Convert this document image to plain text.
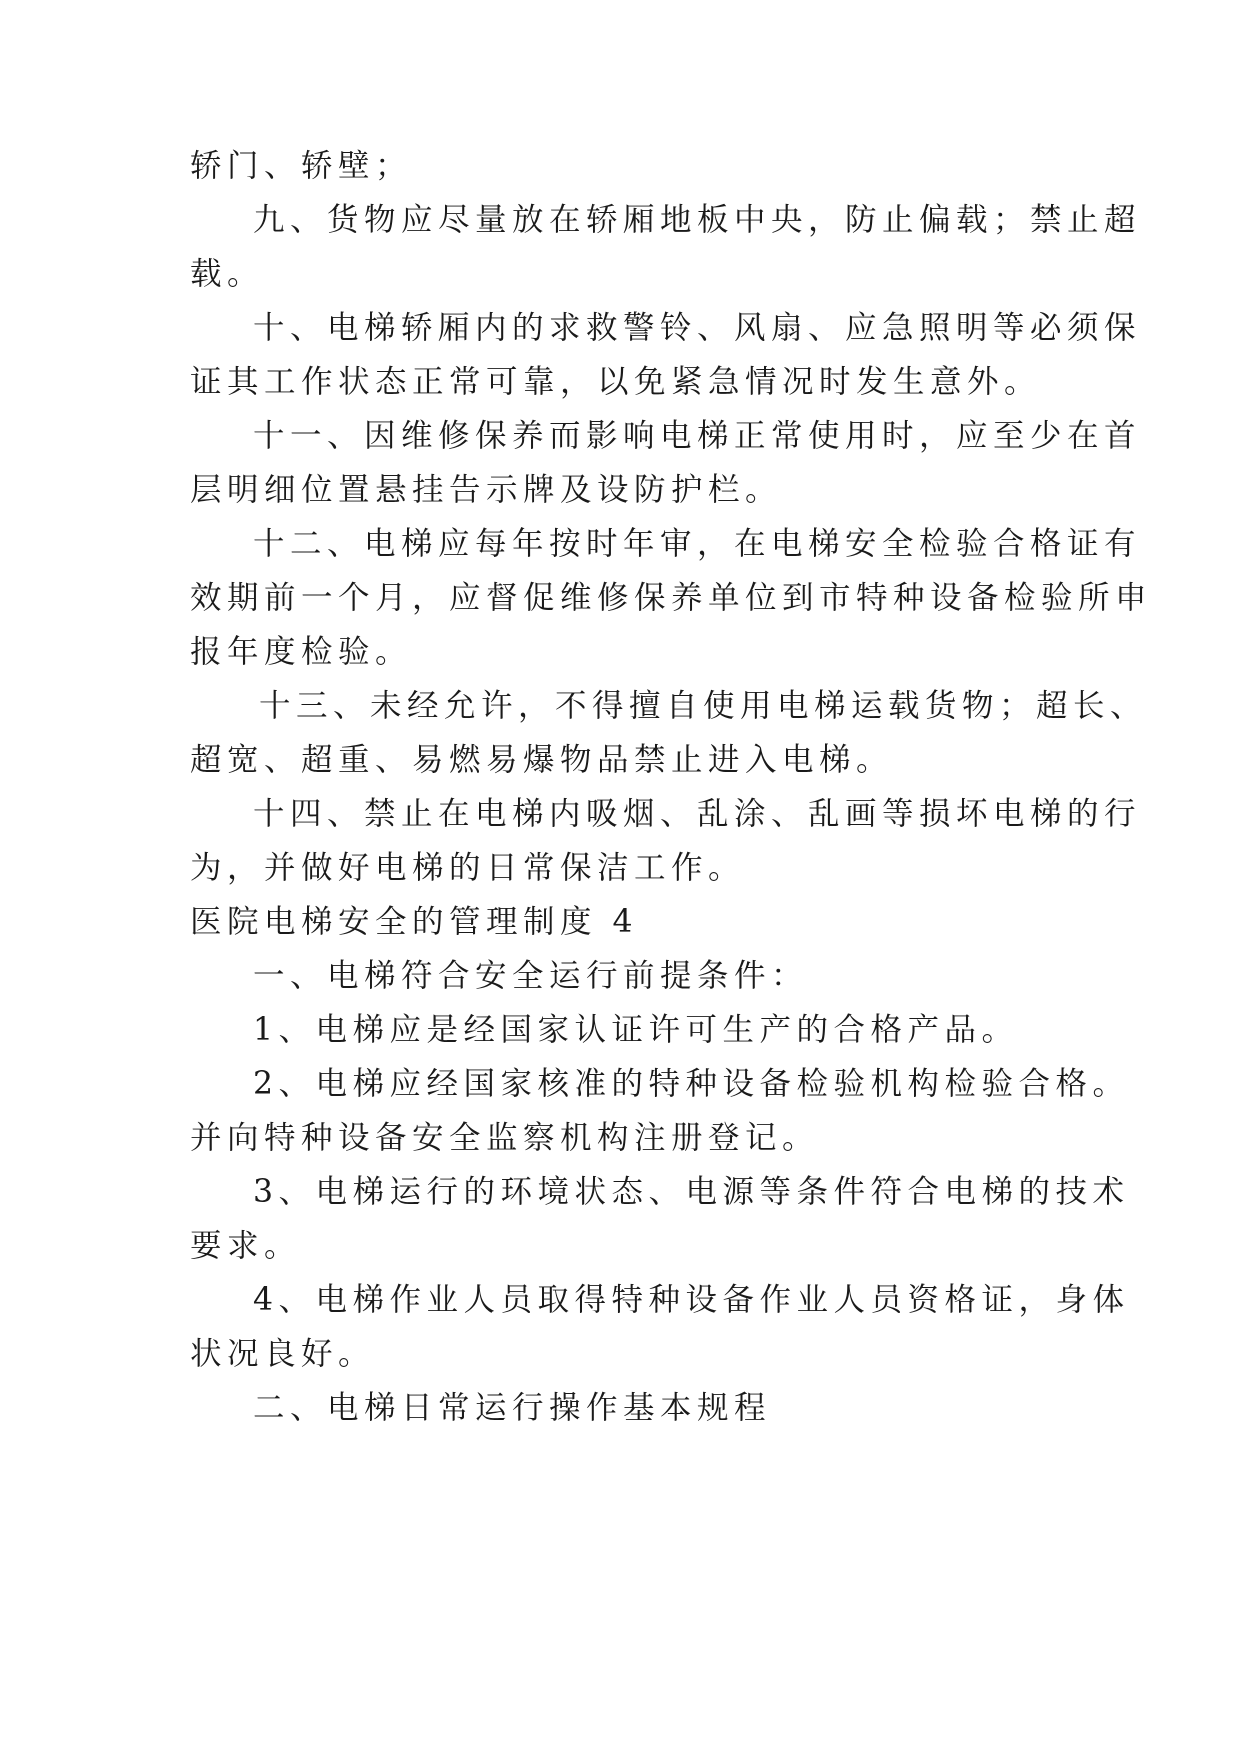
轿门、轿壁；
九、货物应尽量放在轿厢地板中央，防止偏载；禁止超
载。
十、电梯轿厢内的求救警铃、风扇、应急照明等必须保
证其工作状态正常可靠，以免紧急情况时发生意外。
十一、因维修保养而影响电梯正常使用时，应至少在首
层明细位置悬挂告示牌及设防护栏。
十二、电梯应每年按时年审，在电梯安全检验合格证有
效期前一个月，应督促维修保养单位到市特种设备检验所申
报年度检验。
十三、未经允许，不得擅自使用电梯运载货物；超长、
超宽、超重、易燃易爆物品禁止进入电梯。
十四、禁止在电梯内吸烟、乱涂、乱画等损坏电梯的行
为，并做好电梯的日常保洁工作。
医院电梯安全的管理制度 4
一、电梯符合安全运行前提条件：
1、电梯应是经国家认证许可生产的合格产品。
2、电梯应经国家核准的特种设备检验机构检验合格。
并向特种设备安全监察机构注册登记。
3、电梯运行的环境状态、电源等条件符合电梯的技术
要求。
4、电梯作业人员取得特种设备作业人员资格证，身体
状况良好。
二、电梯日常运行操作基本规程
